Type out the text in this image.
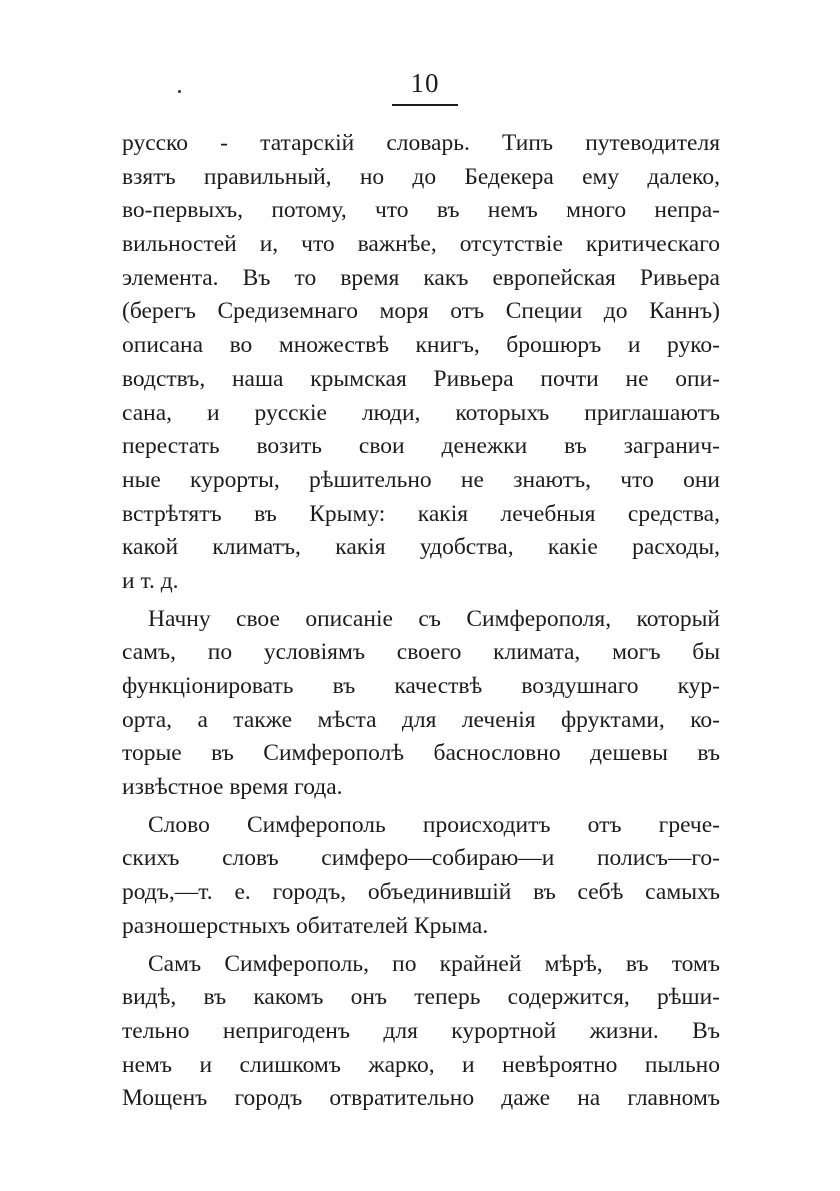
10
русско - татарскій словарь. Типъ путеводителя
взятъ правильный, но до Бедекера ему далеко,
во-первыхъ, потому, что въ немъ много непра-
вильностей и, что важнѣе, отсутствіе критическаго
элемента. Въ то время какъ европейская Ривьера
(берегъ Средиземнаго моря отъ Специи до Каннъ)
описана во множествѣ книгъ, брошюръ и руко-
водствъ, наша крымская Ривьера почти не опи-
сана, и русскіе люди, которыхъ приглашаютъ
перестать возить свои денежки въ загранич-
ные курорты, рѣшительно не знаютъ, что они
встрѣтятъ въ Крыму: какія лечебныя средства,
какой климатъ, какія удобства, какіе расходы,
и т. д.
Начну свое описаніе съ Симферополя, который
самъ, по условіямъ своего климата, могъ бы
функціонировать въ качествѣ воздушнаго кур-
орта, а также мѣста для леченія фруктами, ко-
торые въ Симферополѣ баснословно дешевы въ
извѣстное время года.
Слово Симферополь происходитъ отъ грече-
скихъ словъ симферо—собираю—и полисъ—го-
родъ,—т. е. городъ, объединившій въ себѣ самыхъ
разношерстныхъ обитателей Крыма.
Самъ Симферополь, по крайней мѣрѣ, въ томъ
видѣ, въ какомъ онъ теперь содержится, рѣши-
тельно непригоденъ для курортной жизни. Въ
немъ и слишкомъ жарко, и невѣроятно пыльно
Мощенъ городъ отвратительно даже на главномъ
